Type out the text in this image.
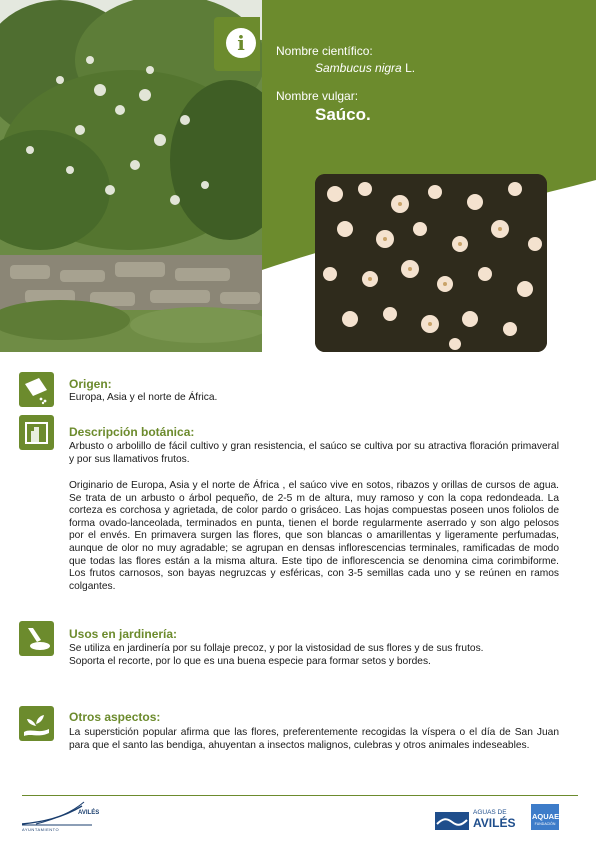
i	Nombre científico:
Sambucus nigra L.
Nombre vulgar:
Saúco.
Origen:
Europa, Asia y el norte de África.
Descripción botánica:
Arbusto o arbolillo de fácil cultivo y gran resistencia, el saúco se cultiva por su atractiva floración primaveral y por sus llamativos frutos.
Originario de Europa, Asia y el norte de África , el saúco vive en sotos, ribazos y orillas de cursos de agua. Se trata de un arbusto o árbol pequeño, de 2-5 m de altura, muy ramoso y con la copa redondeada. La corteza es corchosa y agrietada, de color pardo o grisáceo. Las hojas compuestas poseen unos foliolos de forma ovado-lanceolada, terminados en punta, tienen el borde regularmente aserrado y son algo pelosos por el envés. En primavera surgen las flores, que son blancas o amarillentas y ligeramente perfumadas, aunque de olor no muy agradable; se agrupan en densas inflorescencias terminales, ramificadas de modo que todas las flores están a la misma altura. Este tipo de inflorescencia se denomina cima corimbiforme. Los frutos carnosos, son bayas negruzcas y esféricas, con 3-5 semillas cada uno y se reúnen en ramos colgantes.
Usos en jardinería:
Se utiliza en jardinería por su follaje precoz, y por la vistosidad de sus flores y de sus frutos.
Soporta el recorte, por lo que es una buena especie para formar setos y bordes.
Otros aspectos:
La superstición popular afirma que las flores, preferentemente recogidas la víspera o el día de San Juan para que el santo las bendiga, ahuyentan a insectos malignos, culebras y otros animales indeseables.
AVILÉS
AYUNTAMIENTO
AGUAS DE
AVILÉS AQUAE
FUNDACIÓN
